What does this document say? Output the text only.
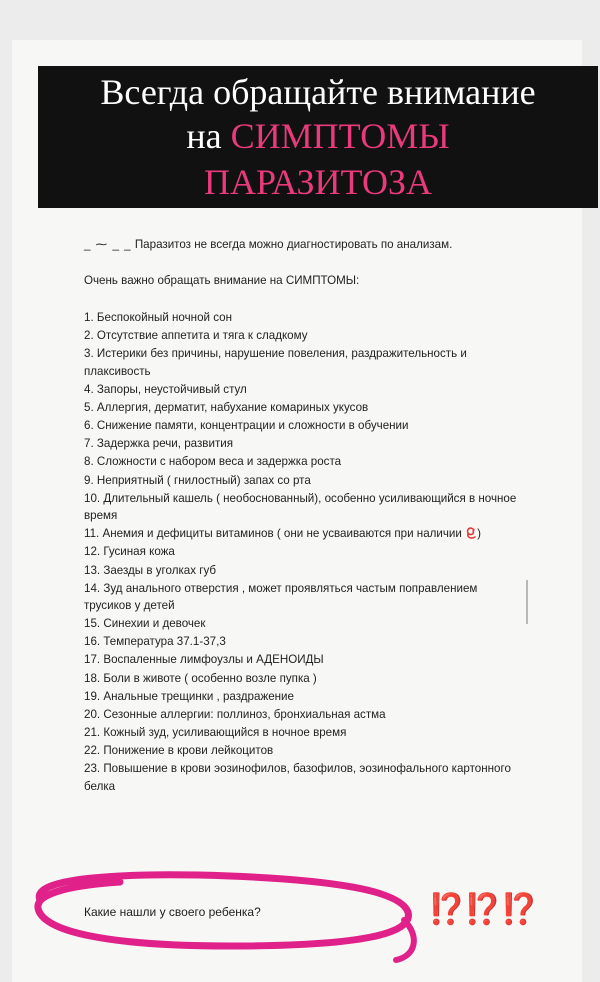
Всегда обращайте внимание
на СИМПТОМЫ
ПАРАЗИТОЗА

_ ⁓ _ _ Паразитоз не всегда можно диагностировать по анализам.

Очень важно обращать внимание на СИМПТОМЫ:

1. Беспокойный ночной сон
2. Отсутствие аппетита и тяга к сладкому
3. Истерики без причины, нарушение повеления, раздражительность и плаксивость
4. Запоры, неустойчивый стул
5. Аллергия, дерматит, набухание комариных укусов
6. Снижение памяти, концентрации и сложности в обучении
7. Задержка речи, развития
8. Сложности с набором веса и задержка роста
9. Неприятный ( гнилостный) запах со рта
10. Длительный кашель ( необоснованный), особенно усиливающийся в ночное время
11. Анемия и дефициты витаминов ( они не усваиваются при наличии )
12. Гусиная кожа
13. Заезды в уголках губ
14. Зуд анального отверстия , может проявляться частым поправлением трусиков у детей
15. Синехии и девочек
16. Температура 37.1-37,3
17. Воспаленные лимфоузлы и АДЕНОИДЫ
18. Боли в животе ( особенно возле пупка )
19. Анальные трещинки , раздражение
20. Сезонные аллергии: поллиноз, бронхиальная астма
21. Кожный зуд, усиливающийся в ночное время
22. Понижение в крови лейкоцитов
23. Повышение в крови эозинофилов, базофилов, эозинофального картонного белка
Какие нашли у своего ребенка?	⁉️⁉️⁉️
